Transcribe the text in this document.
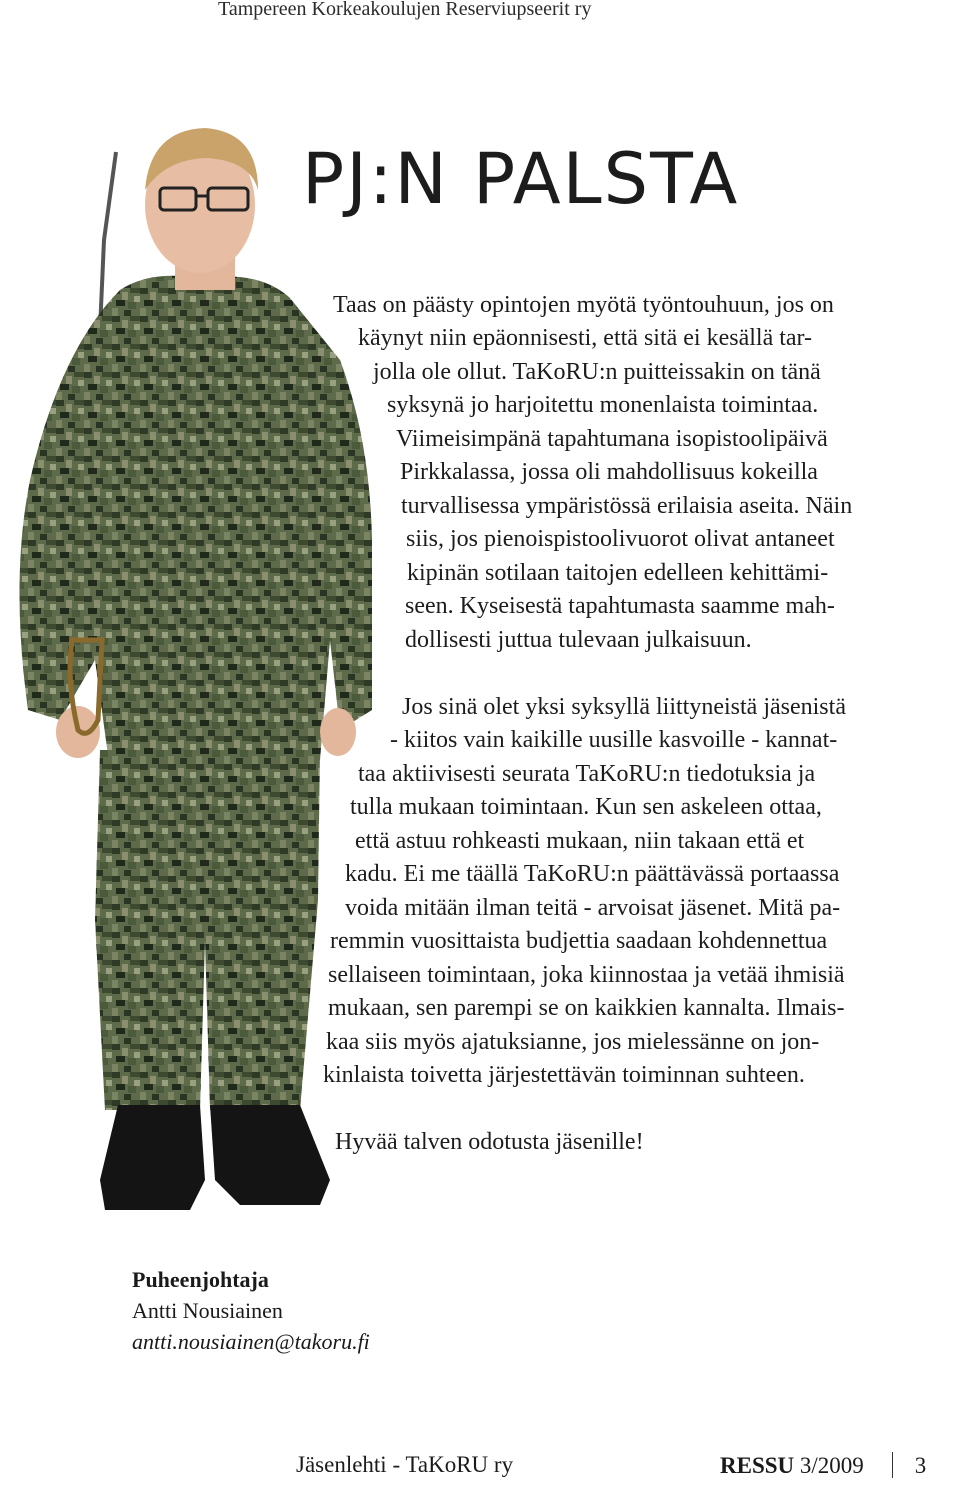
Tampereen Korkeakoulujen Reserviupseerit ry
PJ:N PALSTA
Taas on päästy opintojen myötä työntouhuun, jos on
käynyt niin epäonnisesti, että sitä ei kesällä tar-
jolla ole ollut. TaKoRU:n puitteissakin on tänä
syksynä jo harjoitettu monenlaista toimintaa.
Viimeisimpänä tapahtumana isopistoolipäivä
Pirkkalassa, jossa oli mahdollisuus kokeilla
turvallisessa ympäristössä erilaisia aseita. Näin
siis, jos pienoispistoolivuorot olivat antaneet
kipinän sotilaan taitojen edelleen kehittämi-
seen. Kyseisestä tapahtumasta saamme mah-
dollisesti juttua tulevaan julkaisuun.
Jos sinä olet yksi syksyllä liittyneistä jäsenistä
- kiitos vain kaikille uusille kasvoille - kannat-
taa aktiivisesti seurata TaKoRU:n tiedotuksia ja
tulla mukaan toimintaan. Kun sen askeleen ottaa,
että astuu rohkeasti mukaan, niin takaan että et
kadu. Ei me täällä TaKoRU:n päättävässä portaassa
voida mitään ilman teitä - arvoisat jäsenet. Mitä pa-
remmin vuosittaista budjettia saadaan kohdennettua
sellaiseen toimintaan, joka kiinnostaa ja vetää ihmisiä
mukaan, sen parempi se on kaikkien kannalta. Ilmais-
kaa siis myös ajatuksianne, jos mielessänne on jon-
kinlaista toivetta järjestettävän toiminnan suhteen.
Hyvää talven odotusta jäsenille!
Puheenjohtaja
Antti Nousiainen
antti.nousiainen@takoru.fi
Jäsenlehti - TaKoRU ry	RESSU 3/2009 3
